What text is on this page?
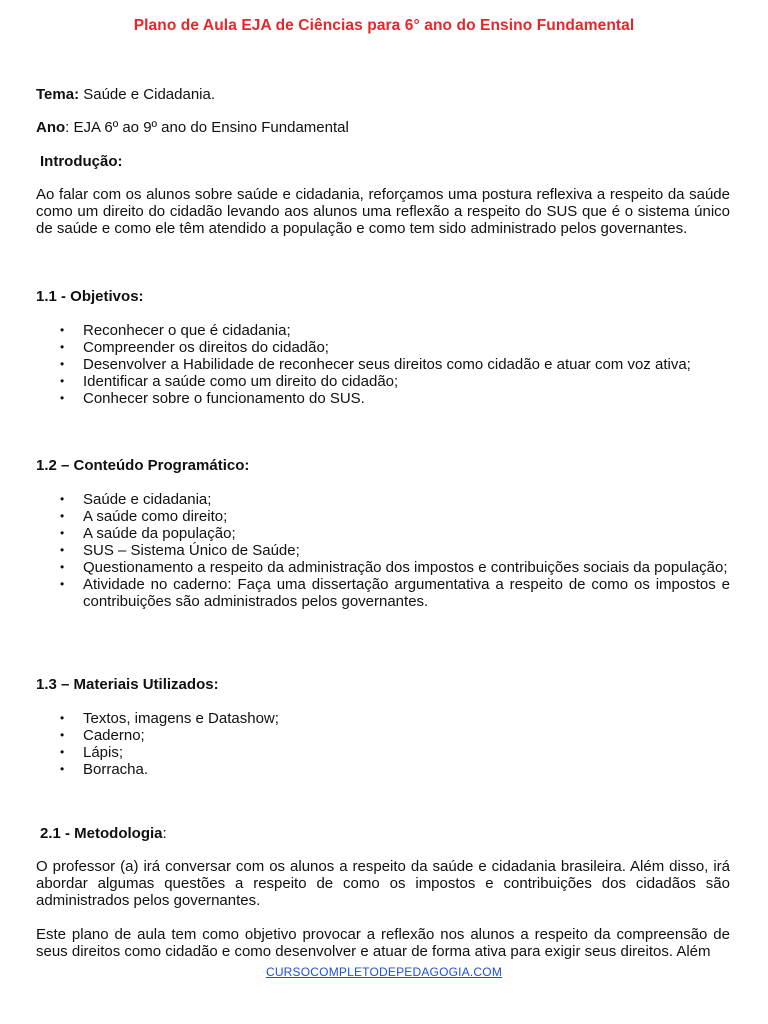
Plano de Aula EJA de Ciências para 6° ano do Ensino Fundamental
Tema: Saúde e Cidadania.
Ano: EJA 6º ao 9º ano do Ensino Fundamental
Introdução:
Ao falar com os alunos sobre saúde e cidadania, reforçamos uma postura reflexiva a respeito da saúde como um direito do cidadão levando aos alunos uma reflexão a respeito do SUS que é o sistema único de saúde e como ele têm atendido a população e como tem sido administrado pelos governantes.
1.1 - Objetivos:
• Reconhecer o que é cidadania;
• Compreender os direitos do cidadão;
• Desenvolver a Habilidade de reconhecer seus direitos como cidadão e atuar com voz ativa;
• Identificar a saúde como um direito do cidadão;
• Conhecer sobre o funcionamento do SUS.
1.2 – Conteúdo Programático:
• Saúde e cidadania;
• A saúde como direito;
• A saúde da população;
• SUS – Sistema Único de Saúde;
• Questionamento a respeito da administração dos impostos e contribuições sociais da população;
• Atividade no caderno: Faça uma dissertação argumentativa a respeito de como os impostos e contribuições são administrados pelos governantes.
1.3 – Materiais Utilizados:
• Textos, imagens e Datashow;
• Caderno;
• Lápis;
• Borracha.
2.1 - Metodologia:
O professor (a) irá conversar com os alunos a respeito da saúde e cidadania brasileira. Além disso, irá abordar algumas questões a respeito de como os impostos e contribuições dos cidadãos são administrados pelos governantes.
Este plano de aula tem como objetivo provocar a reflexão nos alunos a respeito da compreensão de seus direitos como cidadão e como desenvolver e atuar de forma ativa para exigir seus direitos. Além
CURSOCOMPLETODEPEDAGOGIA.COM
